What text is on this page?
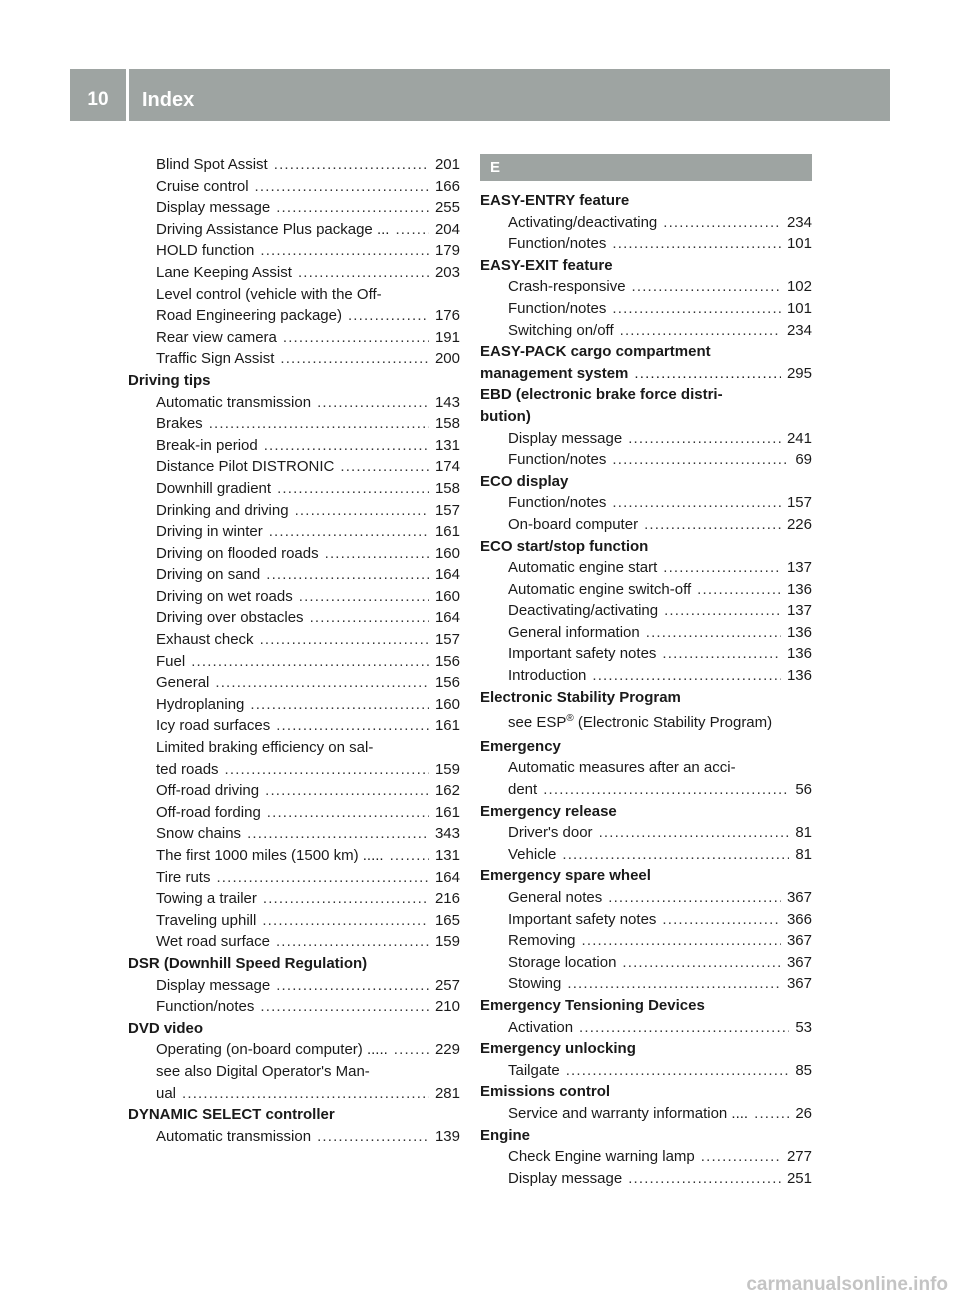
10	Index
Blind Spot Assist . . .	201
Cruise control . . .	166
Display message . . .	255
Driving Assistance Plus package ... . . .	204
HOLD function . . .	179
Lane Keeping Assist . . .	203
Level control (vehicle with the Off-
Road Engineering package) . . .	176
Rear view camera . . .	191
Traffic Sign Assist . . .	200
Driving tips
Automatic transmission . . .	143
Brakes . . .	158
Break-in period . . .	131
Distance Pilot DISTRONIC . . .	174
Downhill gradient . . .	158
Drinking and driving . . .	157
Driving in winter . . .	161
Driving on flooded roads . . .	160
Driving on sand . . .	164
Driving on wet roads . . .	160
Driving over obstacles . . .	164
Exhaust check . . .	157
Fuel . . .	156
General . . .	156
Hydroplaning . . .	160
Icy road surfaces . . .	161
Limited braking efficiency on sal-
ted roads . . .	159
Off-road driving . . .	162
Off-road fording . . .	161
Snow chains . . .	343
The first 1000 miles (1500 km) ..... . . .	131
Tire ruts . . .	164
Towing a trailer . . .	216
Traveling uphill . . .	165
Wet road surface . . .	159
DSR (Downhill Speed Regulation)
Display message . . .	257
Function/notes . . .	210
DVD video
Operating (on-board computer) ..... . . .	229
see also Digital Operator's Man-
ual . . .	281
DYNAMIC SELECT controller
Automatic transmission . . .	139
E
EASY-ENTRY feature
Activating/deactivating . . .	234
Function/notes . . .	101
EASY-EXIT feature
Crash-responsive . . .	102
Function/notes . . .	101
Switching on/off . . .	234
EASY-PACK cargo compartment
management system . . .	295
EBD (electronic brake force distri-
bution)
Display message . . .	241
Function/notes . . .	69
ECO display
Function/notes . . .	157
On-board computer . . .	226
ECO start/stop function
Automatic engine start . . .	137
Automatic engine switch-off . . .	136
Deactivating/activating . . .	137
General information . . .	136
Important safety notes . . .	136
Introduction . . .	136
Electronic Stability Program
see ESP® (Electronic Stability Program)
Emergency
Automatic measures after an acci-
dent . . .	56
Emergency release
Driver's door . . .	81
Vehicle . . .	81
Emergency spare wheel
General notes . . .	367
Important safety notes . . .	366
Removing . . .	367
Storage location . . .	367
Stowing . . .	367
Emergency Tensioning Devices
Activation . . .	53
Emergency unlocking
Tailgate . . .	85
Emissions control
Service and warranty information .... . . .	26
Engine
Check Engine warning lamp . . .	277
Display message . . .	251
carmanualsonline.info
